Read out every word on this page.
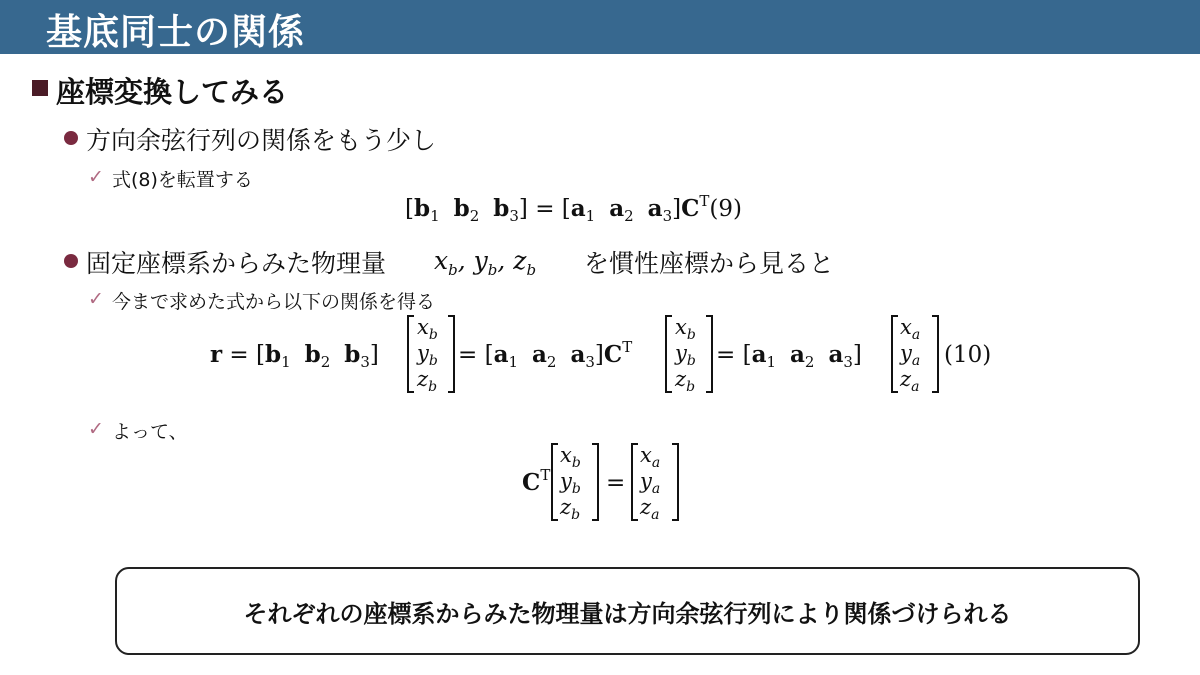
基底同士の関係
座標変換してみる
方向余弦行列の関係をもう少し
✓ 式(8)を転置する
[$b_1$ $b_2$ $b_3] = [a_1$ $a_2$ $a_3]C^T(9)$
固定座標系からみた物理量 $x_b$, $y_b$, $z_b$ を慣性座標から見ると
✓ 今まで求めた式から以下の関係を得る
$r = [b_1$ $b_2$ $b_3$]
$x_b$
$y_b$
$z_b$
= [$a_1$ $a_2$ $a_3]C^T$
$x_b$
$y_b$
$z_b$
= [$a_1$ $a_2$ $a_3$]
$x_a$
$y_a$
$z_a$
(10)
✓ よって、
$C^T$
$x_b$
$y_b$
$z_b$
=
$x_a$
$y_a$
$z_a$
それぞれの座標系からみた物理量は方向余弦行列により関係づけられる
